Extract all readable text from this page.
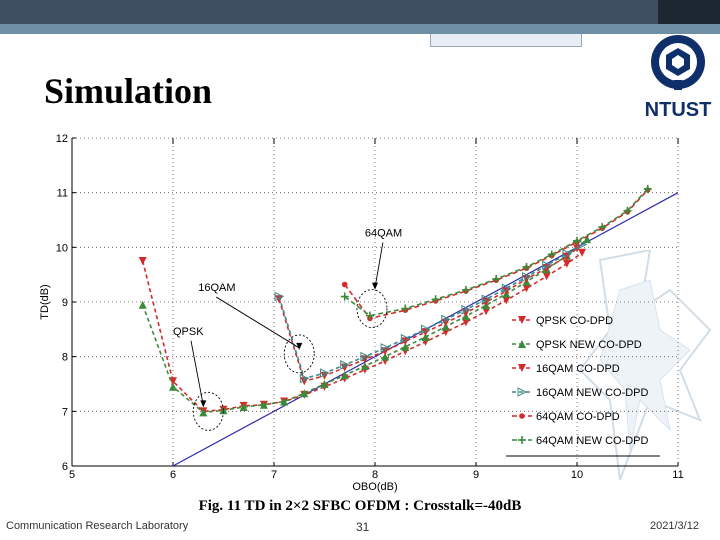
Simulation	NTUST
6
7
8
9
10
11
12
5	6	7	8	9	10	11
QPSK
16QAM
64QAM
QPSK CO-DPD
QPSK NEW CO-DPD
16QAM CO-DPD
16QAM NEW CO-DPD
64QAM CO-DPD
64QAM NEW CO-DPD
OBO(dB)
TD(dB)
Fig. 11 TD in 2×2 SFBC OFDM : Crosstalk=-40dB
Communication Research Laboratory	31	2021/3/12
